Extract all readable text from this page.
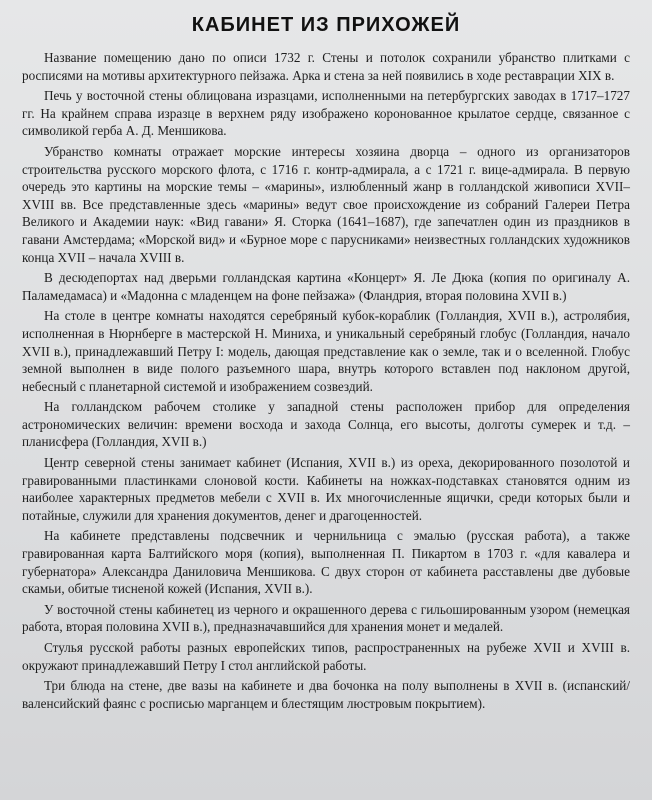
КАБИНЕТ ИЗ ПРИХОЖЕЙ

Название помещению дано по описи 1732 г. Стены и потолок сохранили убранство плитками с росписями на мотивы архитектурного пейзажа. Арка и стена за ней появились в ходе реставрации XIX в.

Печь у восточной стены облицована изразцами, исполненными на петербургских заводах в 1717–1727 гг. На крайнем справа изразце в верхнем ряду изображено коронованное крылатое сердце, связанное с символикой герба А. Д. Меншикова.

Убранство комнаты отражает морские интересы хозяина дворца – одного из организаторов строительства русского морского флота, с 1716 г. контр-адмирала, а с 1721 г. вице-адмирала. В первую очередь это картины на морские темы – «марины», излюбленный жанр в голландской живописи XVII–XVIII вв. Все представленные здесь «марины» ведут свое происхождение из собраний Галереи Петра Великого и Академии наук: «Вид гавани» Я. Сторка (1641–1687), где запечатлен один из праздников в гавани Амстердама; «Морской вид» и «Бурное море с парусниками» неизвестных голландских художников конца XVII – начала XVIII в.

В десюдепортах над дверьми голландская картина «Концерт» Я. Ле Дюка (копия по оригиналу А. Паламедамаса) и «Мадонна с младенцем на фоне пейзажа» (Фландрия, вторая половина XVII в.)

На столе в центре комнаты находятся серебряный кубок-кораблик (Голландия, XVII в.), астролябия, исполненная в Нюрнберге в мастерской Н. Миниха, и уникальный серебряный глобус (Голландия, начало XVII в.), принадлежавший Петру I: модель, дающая представление как о земле, так и о вселенной. Глобус земной выполнен в виде полого разъемного шара, внутрь которого вставлен под наклоном другой, небесный с планетарной системой и изображением созвездий.

На голландском рабочем столике у западной стены расположен прибор для определения астрономических величин: времени восхода и захода Солнца, его высоты, долготы сумерек и т.д. – планисфера (Голландия, XVII в.)

Центр северной стены занимает кабинет (Испания, XVII в.) из ореха, декорированного позолотой и гравированными пластинками слоновой кости. Кабинеты на ножках-подставках становятся одним из наиболее характерных предметов мебели с XVII в. Их многочисленные ящички, среди которых были и потайные, служили для хранения документов, денег и драгоценностей.

На кабинете представлены подсвечник и чернильница с эмалью (русская работа), а также гравированная карта Балтийского моря (копия), выполненная П. Пикартом в 1703 г. «для кавалера и губернатора» Александра Даниловича Меншикова. С двух сторон от кабинета расставлены две дубовые скамьи, обитые тисненой кожей (Испания, XVII в.).

У восточной стены кабинетец из черного и окрашенного дерева с гильошированным узором (немецкая работа, вторая половина XVII в.), предназначавшийся для хранения монет и медалей.

Стулья русской работы разных европейских типов, распространенных на рубеже XVII и XVIII в. окружают принадлежавший Петру I стол английской работы.

Три блюда на стене, две вазы на кабинете и два бочонка на полу выполнены в XVII в. (испанский/валенсийский фаянс с росписью марганцем и блестящим люстровым покрытием).
